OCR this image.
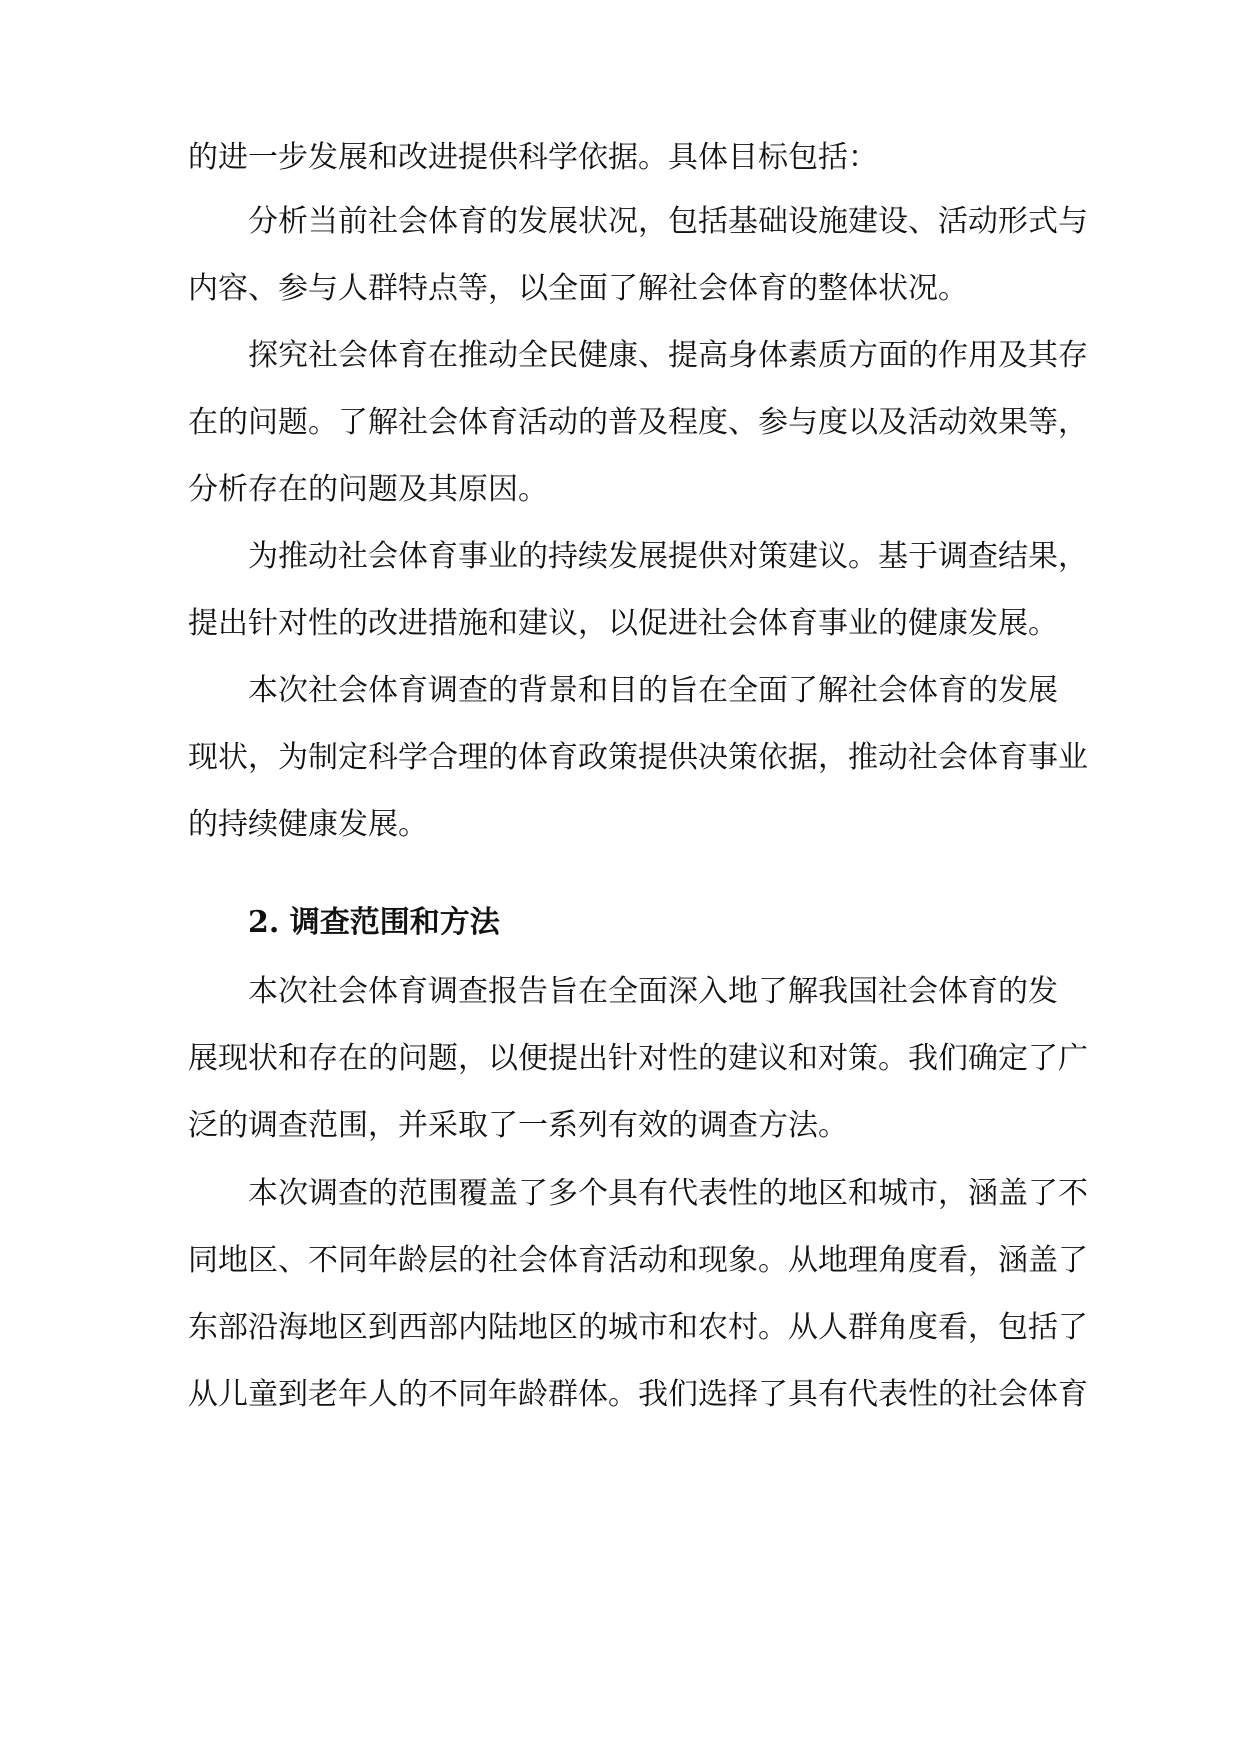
的进一步发展和改进提供科学依据。具体目标包括：

分析当前社会体育的发展状况，包括基础设施建设、活动形式与

内容、参与人群特点等，以全面了解社会体育的整体状况。

探究社会体育在推动全民健康、提高身体素质方面的作用及其存

在的问题。了解社会体育活动的普及程度、参与度以及活动效果等，

分析存在的问题及其原因。

为推动社会体育事业的持续发展提供对策建议。基于调查结果，

提出针对性的改进措施和建议，以促进社会体育事业的健康发展。

本次社会体育调查的背景和目的旨在全面了解社会体育的发展

现状，为制定科学合理的体育政策提供决策依据，推动社会体育事业

的持续健康发展。

2. 调查范围和方法

本次社会体育调查报告旨在全面深入地了解我国社会体育的发

展现状和存在的问题，以便提出针对性的建议和对策。我们确定了广

泛的调查范围，并采取了一系列有效的调查方法。

本次调查的范围覆盖了多个具有代表性的地区和城市，涵盖了不

同地区、不同年龄层的社会体育活动和现象。从地理角度看，涵盖了

东部沿海地区到西部内陆地区的城市和农村。从人群角度看，包括了

从儿童到老年人的不同年龄群体。我们选择了具有代表性的社会体育
